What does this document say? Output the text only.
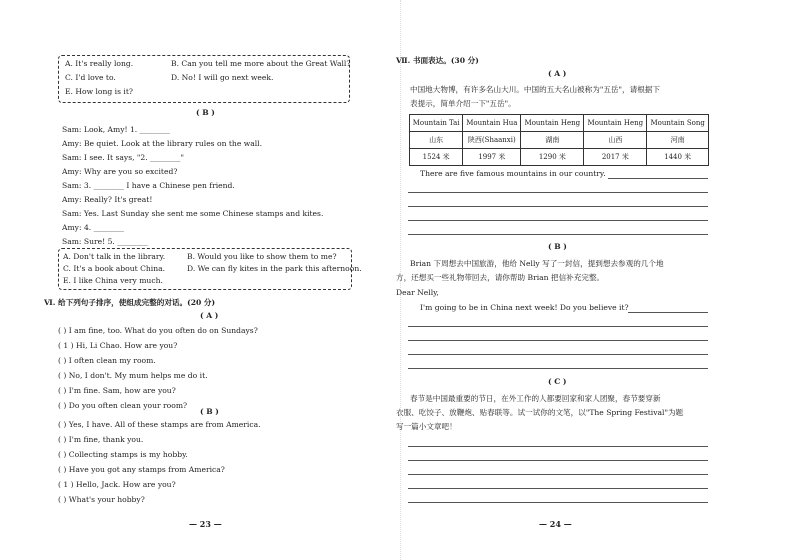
A. It's really long.	B. Can you tell me more about the Great Wall?
C. I'd love to.	D. No! I will go next week.
E. How long is it?
( B )
Sam: Look, Amy! 1. ________
Amy: Be quiet. Look at the library rules on the wall.
Sam: I see. It says, "2. ________"
Amy: Why are you so excited?
Sam: 3. ________ I have a Chinese pen friend.
Amy: Really? It's great!
Sam: Yes. Last Sunday she sent me some Chinese stamps and kites.
Amy: 4. ________
Sam: Sure! 5. ________
A. Don't talk in the library.	B. Would you like to show them to me?
C. It's a book about China.	D. We can fly kites in the park this afternoon.
E. I like China very much.
Ⅵ. 给下列句子排序，使组成完整的对话。(20 分)
( A )
( ) I am fine, too. What do you often do on Sundays?
( 1 ) Hi, Li Chao. How are you?
( ) I often clean my room.
( ) No, I don't. My mum helps me do it.
( ) I'm fine. Sam, how are you?
( ) Do you often clean your room?
( B )
( ) Yes, I have. All of these stamps are from America.
( ) I'm fine, thank you.
( ) Collecting stamps is my hobby.
( ) Have you got any stamps from America?
( 1 ) Hello, Jack. How are you?
( ) What's your hobby?
— 23 —
Ⅶ. 书面表达。(30 分)
( A )
中国地大物博，有许多名山大川。中国的五大名山被称为"五岳"，请根据下
表提示，简单介绍一下"五岳"。
Mountain Tai	Mountain Hua	Mountain Heng	Mountain Heng	Mountain Song
山东	陕西(Shaanxi)	湖南	山西	河南
1524 米	1997 米	1290 米	2017 米	1440 米
There are five famous mountains in our country.
( B )
Brian 下周想去中国旅游，他给 Nelly 写了一封信，提到想去参观的几个地
方，还想买一些礼物带回去，请你帮助 Brian 把信补充完整。
Dear Nelly,
I'm going to be in China next week! Do you believe it?
( C )
春节是中国最重要的节日，在外工作的人都要回家和家人团聚，春节要穿新
衣服、吃饺子、放鞭炮、贴春联等。试一试你的文笔，以"The Spring Festival"为题
写一篇小文章吧！
— 24 —
